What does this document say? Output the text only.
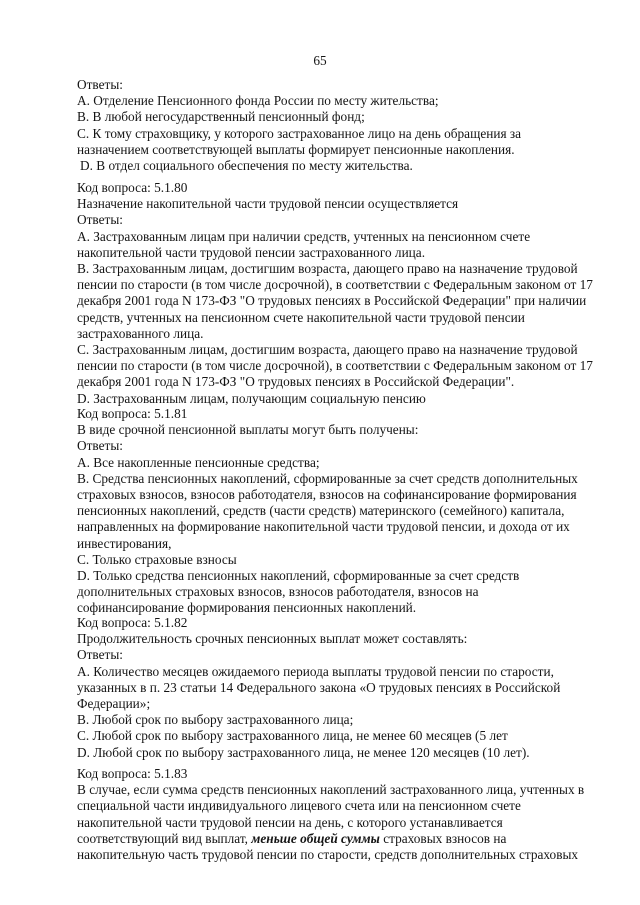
65
Ответы:
А. Отделение Пенсионного фонда России по месту жительства;
В. В любой негосударственный пенсионный фонд;
С. К тому страховщику, у которого застрахованное лицо на день обращения за
назначением соответствующей выплаты формирует пенсионные накопления.
D. В отдел социального обеспечения по месту жительства.
Код вопроса: 5.1.80
Назначение накопительной части трудовой пенсии осуществляется
Ответы:
А. Застрахованным лицам при наличии средств, учтенных на пенсионном счете
накопительной части трудовой пенсии застрахованного лица.
В. Застрахованным лицам, достигшим возраста, дающего право на назначение трудовой
пенсии по старости (в том числе досрочной), в соответствии с Федеральным законом от 17
декабря 2001 года N 173-ФЗ "О трудовых пенсиях в Российской Федерации" при наличии
средств, учтенных на пенсионном счете накопительной части трудовой пенсии
застрахованного лица.
С. Застрахованным лицам, достигшим возраста, дающего право на назначение трудовой
пенсии по старости (в том числе досрочной), в соответствии с Федеральным законом от 17
декабря 2001 года N 173-ФЗ "О трудовых пенсиях в Российской Федерации".
D. Застрахованным лицам, получающим социальную пенсию
Код вопроса: 5.1.81
В виде срочной пенсионной выплаты могут быть получены:
Ответы:
А. Все накопленные пенсионные средства;
В. Средства пенсионных накоплений, сформированные за счет средств дополнительных
страховых взносов, взносов работодателя, взносов на софинансирование формирования
пенсионных накоплений, средств (части средств) материнского (семейного) капитала,
направленных на формирование накопительной части трудовой пенсии, и дохода от их
инвестирования,
С. Только страховые взносы
D. Только средства пенсионных накоплений, сформированные за счет средств
дополнительных страховых взносов, взносов работодателя, взносов на
софинансирование формирования пенсионных накоплений.
Код вопроса: 5.1.82
Продолжительность срочных пенсионных выплат может составлять:
Ответы:
А. Количество месяцев ожидаемого периода выплаты трудовой пенсии по старости,
указанных в п. 23 статьи 14 Федерального закона «О трудовых пенсиях в Российской
Федерации»;
В. Любой срок по выбору застрахованного лица;
С. Любой срок по выбору застрахованного лица, не менее 60 месяцев (5 лет
D. Любой срок по выбору застрахованного лица, не менее 120 месяцев (10 лет).
Код вопроса: 5.1.83
В случае, если сумма средств пенсионных накоплений застрахованного лица, учтенных в
специальной части индивидуального лицевого счета или на пенсионном счете
накопительной части трудовой пенсии на день, с которого устанавливается
соответствующий вид выплат, меньше общей суммы страховых взносов на
накопительную часть трудовой пенсии по старости, средств дополнительных страховых
